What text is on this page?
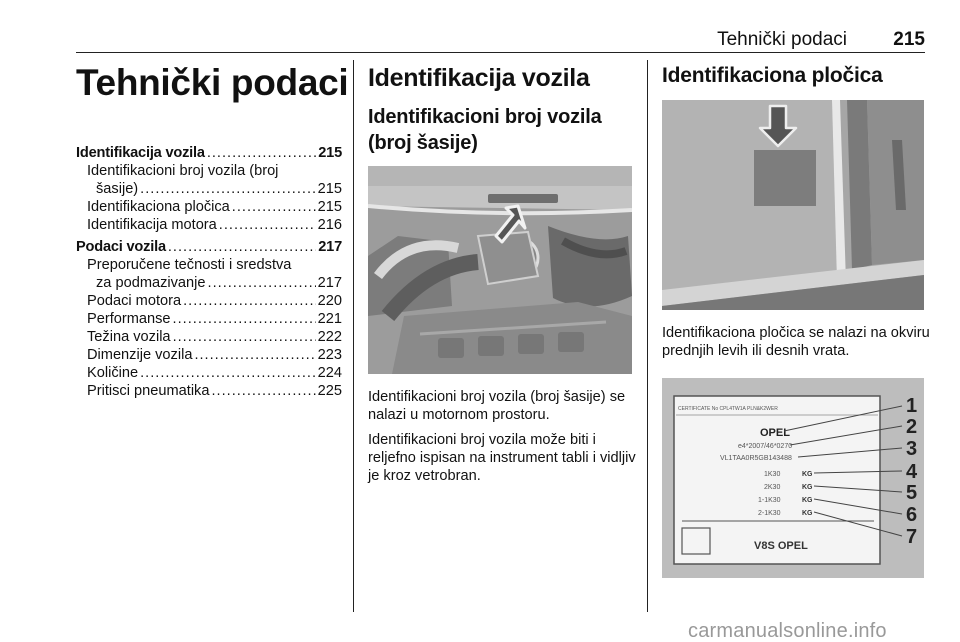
Tehnički podaci 215
Tehnički podaci
Identifikacija vozila .....	215
Identifikacioni broj vozila (broj
šasije) .....	215
Identifikaciona pločica .....	215
Identifikacija motora .....	216
Podaci vozila .....	217
Preporučene tečnosti i sredstva
za podmazivanje .....	217
Podaci motora .....	220
Performanse .....	221
Težina vozila .....	222
Dimenzije vozila .....	223
Količine .....	224
Pritisci pneumatika .....	225
Identifikacija vozila
Identifikacioni broj vozila (broj šasije)
Identifikacioni broj vozila (broj šasije) se nalazi u motornom prostoru.
Identifikacioni broj vozila može biti i reljefno ispisan na instrument tabli i vidljiv je kroz vetrobran.
Identifikaciona pločica
Identifikaciona pločica se nalazi na okviru prednjih levih ili desnih vrata.
CERTIFICATE No CPL4TW1A PLN&K2WER
OPEL
e4*2007/46*0270
VL1TAA0R5GB143488
1K30	KG
2K30	KG
1-1K30	KG
2-1K30	KG
V8S OPEL
1
2
3
4
5
6
7
carmanualsonline.info
